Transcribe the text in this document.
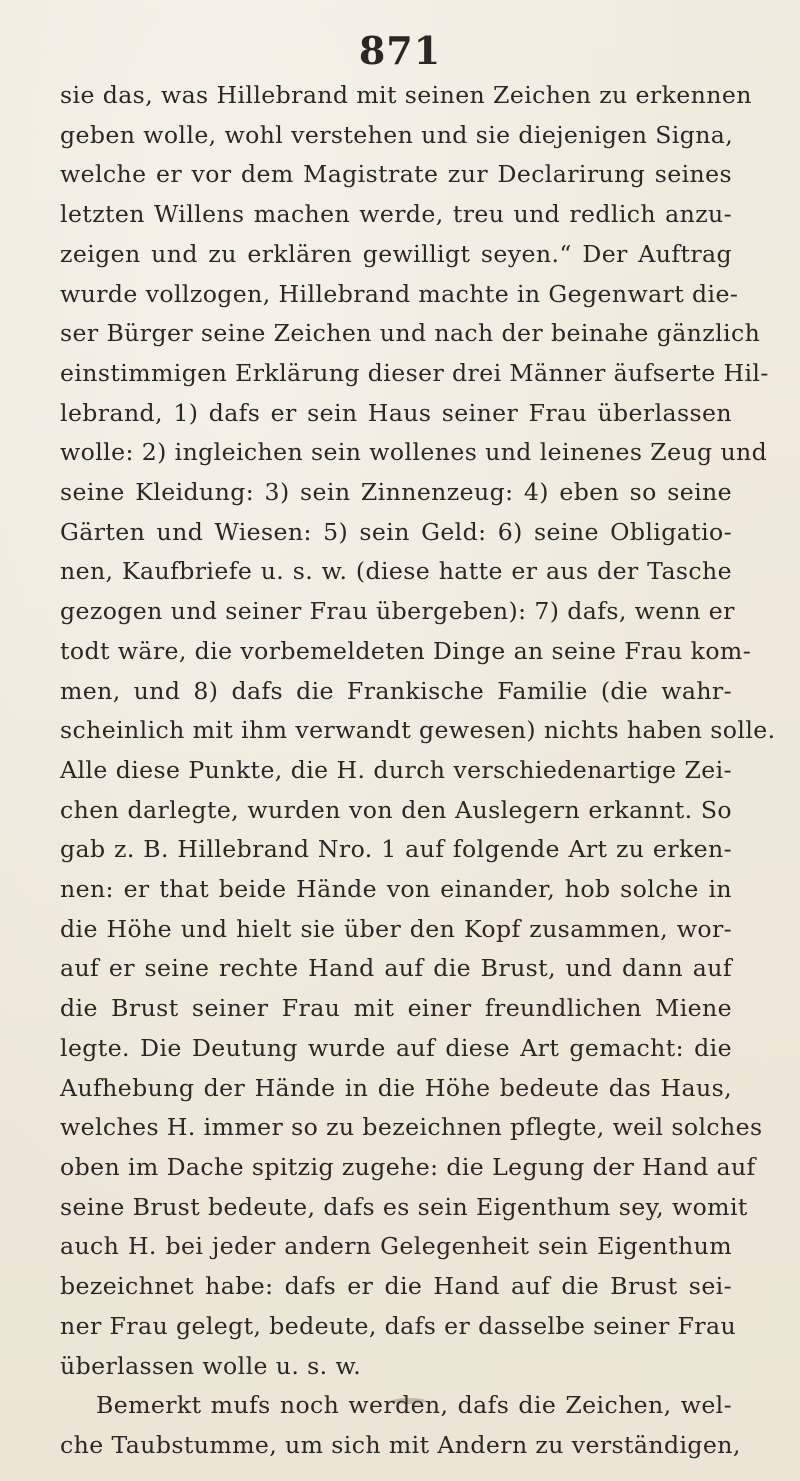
871
sie das, was Hillebrand mit seinen Zeichen zu erkennen
geben wolle, wohl verstehen und sie diejenigen Signa,
welche er vor dem Magistrate zur Declarirung seines
letzten Willens machen werde, treu und redlich anzu-
zeigen und zu erklären gewilligt seyen.“ Der Auftrag
wurde vollzogen, Hillebrand machte in Gegenwart die-
ser Bürger seine Zeichen und nach der beinahe gänzlich
einstimmigen Erklärung dieser drei Männer äufserte Hil-
lebrand, 1) dafs er sein Haus seiner Frau überlassen
wolle: 2) ingleichen sein wollenes und leinenes Zeug und
seine Kleidung: 3) sein Zinnenzeug: 4) eben so seine
Gärten und Wiesen: 5) sein Geld: 6) seine Obligatio-
nen, Kaufbriefe u. s. w. (diese hatte er aus der Tasche
gezogen und seiner Frau übergeben): 7) dafs, wenn er
todt wäre, die vorbemeldeten Dinge an seine Frau kom-
men, und 8) dafs die Frankische Familie (die wahr-
scheinlich mit ihm verwandt gewesen) nichts haben solle.
Alle diese Punkte, die H. durch verschiedenartige Zei-
chen darlegte, wurden von den Auslegern erkannt. So
gab z. B. Hillebrand Nro. 1 auf folgende Art zu erken-
nen: er that beide Hände von einander, hob solche in
die Höhe und hielt sie über den Kopf zusammen, wor-
auf er seine rechte Hand auf die Brust, und dann auf
die Brust seiner Frau mit einer freundlichen Miene
legte. Die Deutung wurde auf diese Art gemacht: die
Aufhebung der Hände in die Höhe bedeute das Haus,
welches H. immer so zu bezeichnen pflegte, weil solches
oben im Dache spitzig zugehe: die Legung der Hand auf
seine Brust bedeute, dafs es sein Eigenthum sey, womit
auch H. bei jeder andern Gelegenheit sein Eigenthum
bezeichnet habe: dafs er die Hand auf die Brust sei-
ner Frau gelegt, bedeute, dafs er dasselbe seiner Frau
überlassen wolle u. s. w.
Bemerkt mufs noch werden, dafs die Zeichen, wel-
che Taubstumme, um sich mit Andern zu verständigen,
